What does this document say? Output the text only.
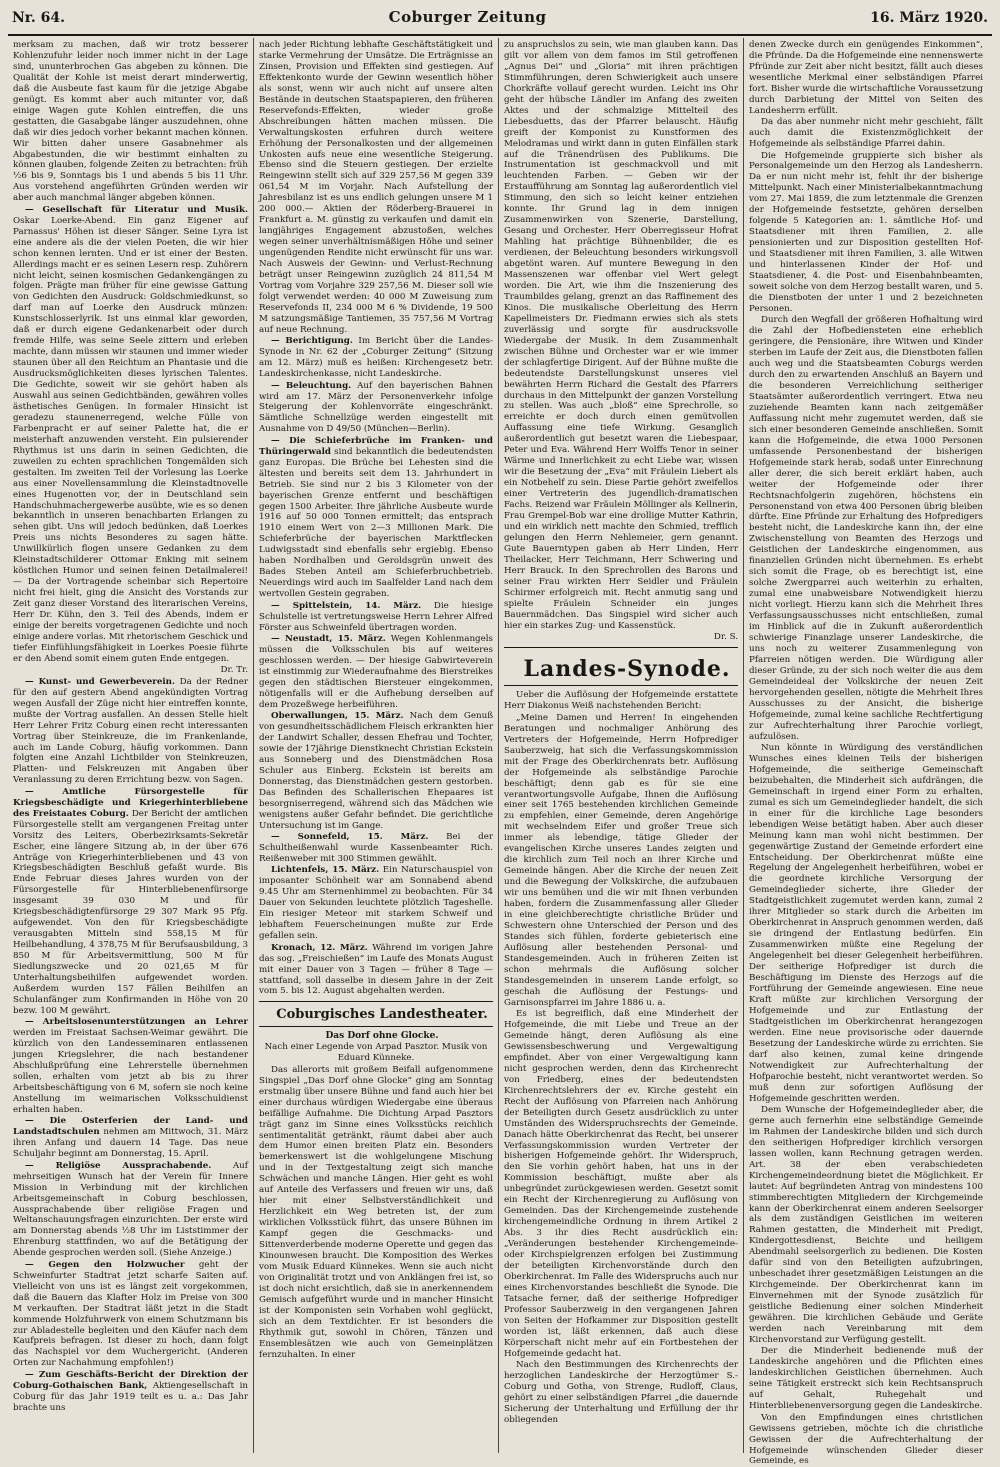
Nr. 64.	Coburger Zeitung	16. März 1920.

merksam zu machen, daß wir trotz besserer Kohlenzufuhr leider noch immer nicht in der Lage sind, ununterbrochen Gas abgeben zu können. Die Qualität der Kohle ist meist derart minderwertig, daß die Ausbeute fast kaum für die jetzige Abgabe genügt. Es kommt aber auch mitunter vor, daß einige Wagen gute Kohlen eintreffen, die uns gestatten, die Gasabgabe länger auszudehnen, ohne daß wir dies jedoch vorher bekannt machen können. Wir bitten daher unsere Gasabnehmer als Abgabestunden, die wir bestimmt einhalten zu können glauben, folgende Zeiten zu betrachten: früh ½6 bis 9, Sonntags bis 1 und abends 5 bis 11 Uhr. Aus vorstehend angeführten Gründen werden wir aber auch manchmal länger abgeben können.

— Gesellschaft für Literatur und Musik. Oskar Loerke-Abend. Ein ganz Eigener auf Parnassus' Höhen ist dieser Sänger. Seine Lyra ist eine andere als die der vielen Poeten, die wir hier schon kennen lernten. Und er ist einer der Besten. Allerdings macht er es seinen Lesern resp. Zuhörern nicht leicht, seinen kosmischen Gedankengängen zu folgen. Prägte man früher für eine gewisse Gattung von Gedichten den Ausdruck: Goldschmiedkunst, so darf man auf Loerke den Ausdruck münzen: Kunstschlosserlyrik. Ist uns einmal klar geworden, daß er durch eigene Gedankenarbeit oder durch fremde Hilfe, was seine Seele zittern und erleben machte, dann müssen wir staunen und immer wieder staunen über all den Reichtum an Phantasie und die Ausdrucksmöglichkeiten dieses lyrischen Talentes. Die Gedichte, soweit wir sie gehört haben als Auswahl aus seinen Gedichtbänden, gewähren volles ästhetisches Genügen. In formaler Hinsicht ist geradezu staunenerregend, welche Fülle von Farbenpracht er auf seiner Palette hat, die er meisterhaft anzuwenden versteht. Ein pulsierender Rhythmus ist uns darin in seinen Gedichten, die zuweilen zu echten sprachlichen Tongemälden sich gestalten. Im zweiten Teil der Vorlesung las Loerke aus einer Novellensammlung die Kleinstadtnovelle eines Hugenotten vor, der in Deutschland sein Handschuhmachergewerbe ausübte, wie es so denen bekanntlich in unseren benachbarten Erlangen zu sehen gibt. Uns will jedoch bedünken, daß Loerkes Preis uns nichts Besonderes zu sagen hätte. Unwillkürlich flogen unsere Gedanken zu dem Kleinstadtschilderer Ottomar Enking mit seinem köstlichen Humor und seinen feinen Detailmalerei! — Da der Vortragende scheinbar sich Repertoire nicht frei hielt, ging die Ansicht des Vorstands zur Zeit ganz dieser Vorstand des literarischen Vereins, Herr Dr. Kühn, den 3. Teil des Abends, indem er einige der bereits vorgetragenen Gedichte und noch einige andere vorlas. Mit rhetorischem Geschick und tiefer Einfühlungsfähigkeit in Loerkes Poesie führte er den Abend somit einem guten Ende entgegen.

Dr. Tr.

— Kunst- und Gewerbeverein. Da der Redner für den auf gestern Abend angekündigten Vortrag wegen Ausfall der Züge nicht hier eintreffen konnte, mußte der Vortrag ausfallen. An dessen Stelle hielt Herr Lehrer Fritz Coburg einen recht interessanten Vortrag über Steinkreuze, die im Frankenlande, auch im Lande Coburg, häufig vorkommen. Dann folgten eine Anzahl Lichtbilder von Steinkreuzen, Platten- und Felskreuzen mit Angaben über Veranlassung zu deren Errichtung bezw. von Sagen.

— Amtliche Fürsorgestelle für Kriegsbeschädigte und Kriegerhinterbliebene des Freistaates Coburg. Der Bericht der amtlichen Fürsorgestelle stellt am vergangenen Freitag unter Vorsitz des Leiters, Oberbezirksamts-Sekretär Escher, eine längere Sitzung ab, in der über 676 Anträge von Kriegerhinterbliebenen und 43 von Kriegsbeschädigten Beschluß gefaßt wurde. Bis Ende Februar dieses Jahres wurden von der Fürsorgestelle für Hinterbliebenenfürsorge insgesamt 39 030 M und für Kriegsbeschädigtenfürsorge 29 307 Mark 95 Pfg. aufgewendet. Von den für Kriegsbeschädigte verausgabten Mitteln sind 558,15 M für Heilbehandlung, 4 378,75 M für Berufsausbildung, 3 850 M für Arbeitsvermittlung, 500 M für Siedlungszwecke und 20 021,65 M für Unterhaltungsbeihilfen aufgewendet worden. Außerdem wurden 157 Fällen Beihilfen an Schulanfänger zum Konfirmanden in Höhe von 20 bezw. 100 M gewährt.

— Arbeitslosenunterstützungen an Lehrer werden im Freistaat Sachsen-Weimar gewährt. Die kürzlich von den Landesseminaren entlassenen jungen Kriegslehrer, die nach bestandener Abschlußprüfung eine Lehrerstelle übernehmen sollen, erhalten vom jetzt ab bis zu ihrer Arbeitsbeschäftigung von 6 M, sofern sie noch keine Anstellung im weimarischen Volksschuldienst erhalten haben.

— Die Osterferien der Land- und Landstadtschulen nehmen am Mittwoch, 31. März ihren Anfang und dauern 14 Tage. Das neue Schuljahr beginnt am Donnerstag, 15. April.

— Religiöse Aussprachabende. Auf mehrseitigen Wunsch hat der Verein für Innere Mission in Verbindung mit der kirchlichen Arbeitsgemeinschaft in Coburg beschlossen, Aussprachabende über religiöse Fragen und Weltanschauungsfragen einzurichten. Der erste wird am Donnerstag abends ½8 Uhr im Liststimmer der Ehrenburg stattfinden, wo auf die Betätigung der Abende gesprochen werden soll. (Siehe Anzeige.)

— Gegen den Holzwucher geht der Schweinfurter Stadtrat jetzt scharfe Saiten auf. Vielleicht von uns ist es längst zeit vorgekommen, daß die Bauern das Klafter Holz im Preise von 300 M verkauften. Der Stadtrat läßt jetzt in die Stadt kommende Holzfuhrwerk von einem Schutzmann bis zur Abladestelle begleiten und den Käufer nach dem Kaufpreis befragen. Ist dieser zu hoch, dann folgt das Nachspiel vor dem Wuchergericht. (Anderen Orten zur Nachahmung empfohlen!)

— Zum Geschäfts-Bericht der Direktion der Coburg-Gothaischen Bank, Aktiengesellschaft in Coburg für das Jahr 1919 teilt es u. a.: Das Jahr brachte uns

nach jeder Richtung lebhafte Geschäftstätigkeit und starke Vermehrung der Umsätze. Die Erträgnisse an Zinsen, Provision und Effekten sind gestiegen. Auf Effektenkonto wurde der Gewinn wesentlich höher als sonst, wenn wir auch nicht auf unsere alten Bestände in deutschen Staatspapieren, den früheren Reservefonds-Effekten, wieder große Abschreibungen hätten machen müssen. Die Verwaltungskosten erfuhren durch weitere Erhöhung der Personalkosten und der allgemeinen Unkosten aufs neue eine wesentliche Steigerung. Ebenso sind die Steuern gestiegen. Der erzielte Reingewinn stellt sich auf 329 257,56 M gegen 339 061,54 M im Vorjahr. Nach Aufstellung der Jahresbilanz ist es uns endlich gelungen unsere M 1 200 000.— Aktien der Röderberg-Brauerei in Frankfurt a. M. günstig zu verkaufen und damit ein langjähriges Engagement abzustoßen, welches wegen seiner unverhältnismäßigen Höhe und seiner ungenügenden Rendite nicht erwünscht für uns war. Nach Ausweis der Gewinn- und Verlust-Rechnung beträgt unser Reingewinn zuzüglich 24 811,54 M Vortrag vom Vorjahre 329 257,56 M. Dieser soll wie folgt verwendet werden: 40 000 M Zuweisung zum Reservefonds II, 234 000 M 6 % Dividende, 19 500 M satzungsmäßige Tantiemen, 35 757,56 M Vortrag auf neue Rechnung.

— Berichtigung. Im Bericht über die Landes-Synode in Nr. 62 der „Coburger Zeitung“ (Sitzung am 12. März) muß es heißen: Kirchengesetz betr. Landeskirchenkasse, nicht Landeskirche.

— Beleuchtung. Auf den bayerischen Bahnen wird am 17. März der Personenverkehr infolge Steigerung der Kohlenvorräte eingeschränkt. Sämtliche Schnellzüge werden eingestellt mit Ausnahme von D 49/50 (München—Berlin).

— Die Schieferbrüche im Franken- und Thüringerwald sind bekanntlich die bedeutendsten ganz Europas. Die Brüche bei Lehesten sind die ältesten und bereits seit dem 13. Jahrhundert in Betrieb. Sie sind nur 2 bis 3 Kilometer von der bayerischen Grenze entfernt und beschäftigen gegen 1500 Arbeiter. Ihre jährliche Ausbeute wurde 1916 auf 50 000 Tonnen ermittelt; das entsprach 1910 einem Wert von 2—3 Millionen Mark. Die Schieferbrüche der bayerischen Marktflecken Ludwigsstadt sind ebenfalls sehr ergiebig. Ebenso haben Nordhalben und Geroldsgrün unweit des Bades Steben Anteil am Schieferbruchbetrieb. Neuerdings wird auch im Saalfelder Land nach dem wertvollen Gestein gegraben.

— Spittelstein, 14. März. Die hiesige Schulstelle ist vertretungsweise Herrn Lehrer Alfred Förster aus Schweinfeld übertragen worden.

— Neustadt, 15. März. Wegen Kohlenmangels müssen die Volksschulen bis auf weiteres geschlossen werden. — Der hiesige Gabwirteverein ist einstimmig zur Wiederaufnahme des Bierstreikes gegen den städtischen Biersteuer eingekommen, nötigenfalls will er die Aufhebung derselben auf dem Prozeßwege herbeiführen.

Oberwallungen, 15. März. Nach dem Genuß von gesundheitsschädlichem Fleisch erkrankten hier der Landwirt Schaller, dessen Ehefrau und Tochter, sowie der 17jährige Dienstknecht Christian Eckstein aus Sonneberg und des Dienstmädchen Rosa Schuler aus Einberg. Eckstein ist bereits am Donnerstag, das Dienstmädchen gestern gestorben. Das Befinden des Schallerischen Ehepaares ist besorgniserregend, während sich das Mädchen wie wenigstens außer Gefahr befindet. Die gerichtliche Untersuchung ist im Gange.

— Sonnefeld, 15. März. Bei der Schultheißenwahl wurde Kassenbeamter Rich. Reißenweber mit 300 Stimmen gewählt.

Lichtenfels, 15. März. Ein Naturschauspiel von imposanter Schönheit war am Sonnabend abend 9.45 Uhr am Sternenhimmel zu beobachten. Für 34 Dauer von Sekunden leuchtete plötzlich Tageshelle. Ein riesiger Meteor mit starkem Schweif und lebhaftem Feuerscheinungen mußte zur Erde gefallen sein.

Kronach, 12. März. Während im vorigen Jahre das sog. „Freischießen“ im Laufe des Monats August mit einer Dauer von 3 Tagen — früher 8 Tage — stattfand, soll dasselbe in diesem Jahre in der Zeit vom 5. bis 12. August abgehalten werden.

Coburgisches Landestheater.

Das Dorf ohne Glocke.

Nach einer Legende von Arpad Pasztor. Musik von Eduard Künneke.

Das allerorts mit großem Beifall aufgenommene Singspiel „Das Dorf ohne Glocke“ ging am Sonntag erstmalig über unsere Bühne und fand auch hier bei einer durchaus würdigen Wiedergabe eine überaus beifällige Aufnahme. Die Dichtung Arpad Pasztors trägt ganz im Sinne eines Volksstücks reichlich sentimentalität getränkt, räumt dabei aber auch dem Humor einen breiten Platz ein. Besonders bemerkenswert ist die wohlgelungene Mischung und in der Textgestaltung zeigt sich manche Schwächen und manche Längen. Hier geht es wohl auf Anteile des Verfassers und freuen wir uns, daß hier mit einer Selbstverständlichkeit und Herzlichkeit ein Weg betreten ist, der zum wirklichen Volksstück führt, das unsere Bühnen im Kampf gegen die Geschmacks- und Sittenverderbende moderne Operette und gegen das Kinounwesen braucht. Die Komposition des Werkes vom Musik Eduard Künnekes. Wenn sie auch nicht von Originalität trotzt und von Anklängen frei ist, so ist doch nicht ersichtlich, daß sie in anerkennendem Gemisch aufgeführt wurde und in mancher Hinsicht ist der Komponisten sein Vorhaben wohl geglückt, sich an dem Textdichter. Er ist besonders die Rhythmik gut, sowohl in Chören, Tänzen und Ensemblesätzen wie auch von Gemeinplätzen fernzuhalten. In einer

zu anspruchslos zu sein, wie man glauben kann. Das gilt vor allem von dem famos im Stil getroffenen „Agnus Dei“ und „Gloria“ mit ihren prächtigen Stimmführungen, deren Schwierigkeit auch unsere Chorkräfte vollauf gerecht wurden. Leicht ins Ohr geht der hübsche Ländler im Anfang des zweiten Aktes und der schmalzige Mittelteil des Liebesduetts, das der Pfarrer belauscht. Häufig greift der Komponist zu Kunstformen des Melodramas und wirkt dann in guten Einfällen stark auf die Tränendrüsen des Publikums. Die Instrumentation ist geschmackvoll und mit leuchtenden Farben. — Geben wir der Erstaufführung am Sonntag lag außerordentlich viel Stimmung, den sich so leicht keiner entziehen konnte. Ihr Grund lag in dem innigen Zusammenwirken von Szenerie, Darstellung, Gesang und Orchester. Herr Oberregisseur Hofrat Mahling hat prächtige Bühnenbilder, die es verdienen, der Beleuchtung besonders wirkungsvoll abgetönt waren. Auf muntere Bewegung in den Massenszenen war offenbar viel Wert gelegt worden. Die Art, wie ihm die Inszenierung des Traumbildes gelang, grenzt an das Raffinement des Kinos. Die musikalische Oberleitung des Herrn Kapellmeisters Dr. Fiedmann erwies sich als stets zuverlässig und sorgte für ausdrucksvolle Wiedergabe der Musik. In dem Zusammenhalt zwischen Bühne und Orchester war er wie immer der schlagfertige Dirigent. Auf der Bühne mußte die bedeutendste Darstellungskunst unseres viel bewährten Herrn Richard die Gestalt des Pfarrers durchaus in den Mittelpunkt der ganzen Vorstellung zu stellen. Was auch „bloß“ eine Sprechrolle, so erreichte er doch durch einen gemütvollen Auffassung eine tiefe Wirkung. Gesanglich außerordentlich gut besetzt waren die Liebespaar, Peter und Eva. Während Herr Wolffs Tenor in seiner Wärme und Innerlichkeit zu echt Liebe war, wissen wir die Besetzung der „Eva“ mit Fräulein Liebert als ein Notbehelf zu sein. Diese Partie gehört zweifellos einer Vertreterin des jugendlich-dramatischen Fachs. Reizend war Fräulein Möllinger als Kellnerin, Frau Grempel-Bob war eine drollige Mutter Kathrin, und ein wirklich nett machte den Schmied, trefflich gelungen den Herrn Nehlemeier, gern genannt. Gute Bauerntypen gaben ab Herr Linden, Herr Theilacker, Herr Teichmann, Herr Schwering und Herr Brauck. In den Sprechrollen des Barons und seiner Frau wirkten Herr Seidler und Fräulein Schirmer erfolgreich mit. Recht anmutig sang und spielte Fräulein Schneider ein junges Bauernmädchen. Das Singspiel wird sicher auch hier ein starkes Zug- und Kassenstück.

Dr. S.

Landes-Synode.

Ueber die Auflösung der Hofgemeinde erstattete Herr Diakonus Weiß nachstehenden Bericht:

„Meine Damen und Herren! In eingehenden Beratungen und nochmaliger Anhörung des Vertreters der Hofgemeinde, Herrn Hofprediger Sauberzweig, hat sich die Verfassungskommission mit der Frage des Oberkirchenrats betr. Auflösung der Hofgemeinde als selbständige Parochie beschäftigt; denn gab es für sie eine verantwortungsvolle Aufgabe, Ihnen die Auflösung einer seit 1765 bestehenden kirchlichen Gemeinde zu empfehlen, einer Gemeinde, deren Angehörige mit wechselndem Eifer und großer Treue sich immer als lebendige, tätige Glieder der evangelischen Kirche unseres Landes zeigten und die kirchlich zum Teil noch an ihrer Kirche und Gemeinde hängen. Aber die Kirche der neuen Zeit und die Bewegung der Volkskirche, die aufzubauen wir uns bemühen und die wir mit Ihnen verbunden haben, fordern die Zusammenfassung aller Glieder in eine gleichberechtigte christliche Brüder und Schwestern ohne Unterschied der Person und des Standes sich fühlen, forderte gebieterisch eine Auflösung aller bestehenden Personal- und Standesgemeinden. Auch in früheren Zeiten ist schon mehrmals die Auflösung solcher Standesgemeinden in unserem Lande erfolgt, so geschah die Auflösung der Festungs- und Garnisonspfarrei im Jahre 1886 u. a.

Es ist begreiflich, daß eine Minderheit der Hofgemeinde, die mit Liebe und Treue an der Gemeinde hängt, deren Auflösung als eine Gewissensbeschwerung und Vergewaltigung empfindet. Aber von einer Vergewaltigung kann nicht gesprochen werden, denn das Kirchenrecht von Friedberg, eines der bedeutendsten Kirchenrechtslehrers der ev. Kirche gesteht ein Recht der Auflösung von Pfarreien nach Anhörung der Beteiligten durch Gesetz ausdrücklich zu unter Umständen des Widerspruchsrechts der Gemeinde. Danach hätte Oberkirchenrat das Recht, bei unserer Verfassungskommission wurden Vertreter der bisherigen Hofgemeinde gehört. Ihr Widerspruch, den Sie vorhin gehört haben, hat uns in der Kommission beschäftigt, mußte aber als unbegründet zurückgewiesen werden. Gesetzt somit ein Recht der Kirchenregierung zu Auflösung von Gemeinden. Das der Kirchengemeinde zustehende kirchengemeindliche Ordnung in ihrem Artikel 2 Abs. 3 ihr dies Recht ausdrücklich ein: „Veränderungen bestehender Kirchengemeinde- oder Kirchspielgrenzen erfolgen bei Zustimmung der beteiligten Kirchenvorstände durch den Oberkirchenrat. Im Falle des Widerspruchs auch nur eines Kirchenvorstandes beschließt die Synode. Die Tatsache ferner, daß der seitherige Hofprediger Professor Sauberzweig in den vergangenen Jahren von Seiten der Hofkammer zur Disposition gestellt worden ist, läßt erkennen, daß auch diese Körperschaft nicht mehr auf ein Fortbestehen der Hofgemeinde gedacht hat.

Nach den Bestimmungen des Kirchenrechts der herzoglichen Landeskirche der Herzogtümer S.-Coburg und Gotha, von Strenge, Rudloff, Claus, gehört zu einer selbständigen Pfarrei „die dauernde Sicherung der Unterhaltung und Erfüllung der ihr obliegenden

denen Zwecke durch ein genügendes Einkommen“, die Pfründe. Da die Hofgemeinde eine nennenswerte Pfründe zur Zeit aber nicht besitzt, fällt auch dieses wesentliche Merkmal einer selbständigen Pfarrei fort. Bisher wurde die wirtschaftliche Voraussetzung durch Darbietung der Mittel von Seiten des Landesherrn erfüllt.

Da das aber nunmehr nicht mehr geschieht, fällt auch damit die Existenzmöglichkeit der Hofgemeinde als selbständige Pfarrei dahin.

Die Hofgemeinde gruppierte sich bisher als Personalgemeinde um den Herzog als Landesherrn. Da er nun nicht mehr ist, fehlt ihr der bisherige Mittelpunkt. Nach einer Ministerialbekanntmachung vom 27. Mai 1859, die zum letztenmale die Grenzen der Hofgemeinde festsetzte, gehören derselben folgende 5 Kategorien an: 1. sämtliche Hof- und Staatsdiener mit ihren Familien, 2. alle pensionierten und zur Disposition gestellten Hof- und Staatsdiener mit ihren Familien, 3. alle Witwen und hinterlassenen Kinder der Hof- und Staatsdiener, 4. die Post- und Eisenbahnbeamten, soweit solche von dem Herzog bestallt waren, und 5. die Dienstboten der unter 1 und 2 bezeichneten Personen.

Durch den Wegfall der größeren Hofhaltung wird die Zahl der Hofbediensteten eine erheblich geringere, die Pensionäre, ihre Witwen und Kinder sterben im Laufe der Zeit aus, die Dienstboten fallen auch weg und die Staatsbeamten Coburgs werden durch den zu erwartenden Anschluß an Bayern und die besonderen Verreichlichung seitheriger Staatsämter außerordentlich verringert. Etwa neu zuziehende Beamten kann nach zeitgemäßer Auffassung nicht mehr zugemutet werden, daß sie sich einer besonderen Gemeinde anschließen. Somit kann die Hofgemeinde, die etwa 1000 Personen umfassende Personenbestand der bisherigen Hofgemeinde stark herab, sodaß unter Einrechnung aller derer, die sich bereit erklärt haben, auch weiter der Hofgemeinde oder ihrer Rechtsnachfolgerin zugehören, höchstens ein Personenstand von etwa 400 Personen übrig bleiben dürfte. Eine Pfründe zur Erhaltung des Hofpredigers besteht nicht, die Landeskirche kann ihn, der eine Zwischenstellung von Beamten des Herzogs und Geistlichen der Landeskirche eingenommen, aus finanziellen Gründen nicht übernehmen. Es erhebt sich somit die Frage, ob es berechtigt ist, eine solche Zwergparrei auch weiterhin zu erhalten, zumal eine unabweisbare Notwendigkeit hierzu nicht vorliegt. Hierzu kann sich die Mehrheit Ihres Verfassungsausschusses nicht entschließen, zumal im Hinblick auf die in Zukunft außerordentlich schwierige Finanzlage unserer Landeskirche, die uns noch zu weiterer Zusammenlegung von Pfarreien nötigen werden. Die Würdigung aller dieser Gründe, zu der sich noch weiter die aus dem Gemeindeideal der Volkskirche der neuen Zeit hervorgehenden gesellen, nötigte die Mehrheit Ihres Ausschusses zu der Ansicht, die bisherige Hofgemeinde, zumal keine sachliche Rechtfertigung zur Aufrechterhaltung ihrer Parochie vorliegt, aufzulösen.

Nun könnte in Würdigung des verständlichen Wunsches eines kleinen Teils der bisherigen Hofgemeinde, die seitherige Gemeinschaft beizubehalten, die Minderheit sich aufdrängen, die Gemeinschaft in irgend einer Form zu erhalten, zumal es sich um Gemeindeglieder handelt, die sich in einer für die kirchliche Lage besonders lebendigen Weise betätigt haben. Aber auch dieser Meinung kann man wohl nicht bestimmen. Der gegenwärtige Zustand der Gemeinde erfordert eine Entscheidung. Der Oberkirchenrat müßte eine Regelung der Angelegenheit herbeiführen, wobei er die geordnete kirchliche Versorgung der Gemeindeglieder sicherte, ihre Glieder der Stadtgeistlichkeit zugemutet werden kann, zumal 2 ihrer Mitglieder so stark durch die Arbeiten im Oberkirchenrat in Anspruch genommen werden, daß sie dringend der Entlastung bedürfen. Ein Zusammenwirken müßte eine Regelung der Angelegenheit bei dieser Gelegenheit herbeiführen. Der seitherige Hofprediger ist durch die Beschäftigung im Dienste des Herzogs auf die Fortführung der Gemeinde angewiesen. Eine neue Kraft müßte zur kirchlichen Versorgung der Hofgemeinde und zur Entlastung der Stadtgeistlichen im Oberkirchenrat herangezogen werden. Eine neue provisorische oder dauernde Besetzung der Landeskirche würde zu errichten. Sie darf also keinen, zumal keine dringende Notwendigkeit zur Aufrechterhaltung der Hofparochie besteht, nicht verantwortet werden. So muß denn zur sofortigen Auflösung der Hofgemeinde geschritten werden.

Dem Wunsche der Hofgemeindeglieder aber, die gerne auch fernerhin eine selbständige Gemeinde im Rahmen der Landeskirche bilden und sich durch den seitherigen Hofprediger kirchlich versorgen lassen wollen, kann Rechnung getragen werden. Art. 38 der eben verabschiedeten Kirchengemeindeordnung bietet die Möglichkeit. Er lautet: Auf begründeten Antrag von mindestens 100 stimmberechtigten Mitgliedern der Kirchgemeinde kann der Oberkirchenrat einem anderen Seelsorger als dem zuständigen Geistlichen im weiteren Rahmen gestatten, die Minderheit mit Predigt, Kindergottesdienst, Beichte und heiligem Abendmahl seelsorgerlich zu bedienen. Die Kosten dafür sind von den Beteiligten aufzubringen, unbeschadet ihrer gesetzmäßigen Leistungen an die Kirchgemeinde. Der Oberkirchenrat kann im Einvernehmen mit der Synode zusätzlich für geistliche Bedienung einer solchen Minderheit gewähren. Die kirchlichen Gebäude und Geräte werden nach Vereinbarung mit dem Kirchenvorstand zur Verfügung gestellt.

Der die Minderheit bedienende muß der Landeskirche angehören und die Pflichten eines landeskirchlichen Geistlichen übernehmen. Auch seine Tätigkeit erstreckt sich kein Rechtsanspruch auf Gehalt, Ruhegehalt und Hinterbliebenenversorgung gegen die Landeskirche.

Von den Empfindungen eines christlichen Gewissens getrieben, möchte ich die christliche Gewissen der die Aufrechterhaltung der Hofgemeinde wünschenden Glieder dieser Gemeinde, es
